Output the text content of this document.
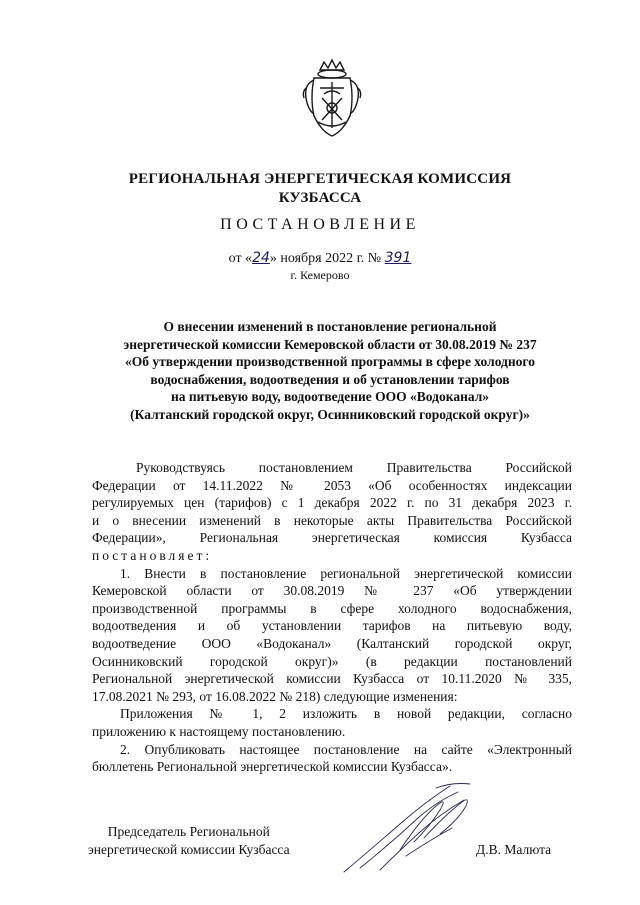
РЕГИОНАЛЬНАЯ ЭНЕРГЕТИЧЕСКАЯ КОМИССИЯ
КУЗБАССА
ПОСТАНОВЛЕНИЕ
от «24» ноября 2022 г. № 391
г. Кемерово
О внесении изменений в постановление региональной
энергетической комиссии Кемеровской области от 30.08.2019 № 237
«Об утверждении производственной программы в сфере холодного
водоснабжения, водоотведения и об установлении тарифов
на питьевую воду, водоотведение ООО «Водоканал»
(Калтанский городской округ, Осинниковский городской округ)»
Руководствуясь постановлением Правительства Российской
Федерации от 14.11.2022 № 2053 «Об особенностях индексации
регулируемых цен (тарифов) с 1 декабря 2022 г. по 31 декабря 2023 г.
и о внесении изменений в некоторые акты Правительства Российской
Федерации», Региональная энергетическая комиссия Кузбасса
постановляет:
1. Внести в постановление региональной энергетической комиссии
Кемеровской области от 30.08.2019 № 237 «Об утверждении
производственной программы в сфере холодного водоснабжения,
водоотведения и об установлении тарифов на питьевую воду,
водоотведение ООО «Водоканал» (Калтанский городской округ,
Осинниковский городской округ)» (в редакции постановлений
Региональной энергетической комиссии Кузбасса от 10.11.2020 № 335,
17.08.2021 № 293, от 16.08.2022 № 218) следующие изменения:
Приложения № 1, 2 изложить в новой редакции, согласно
приложению к настоящему постановлению.
2. Опубликовать настоящее постановление на сайте «Электронный
бюллетень Региональной энергетической комиссии Кузбасса».
Председатель Региональной
энергетической комиссии Кузбасса	Д.В. Малюта
